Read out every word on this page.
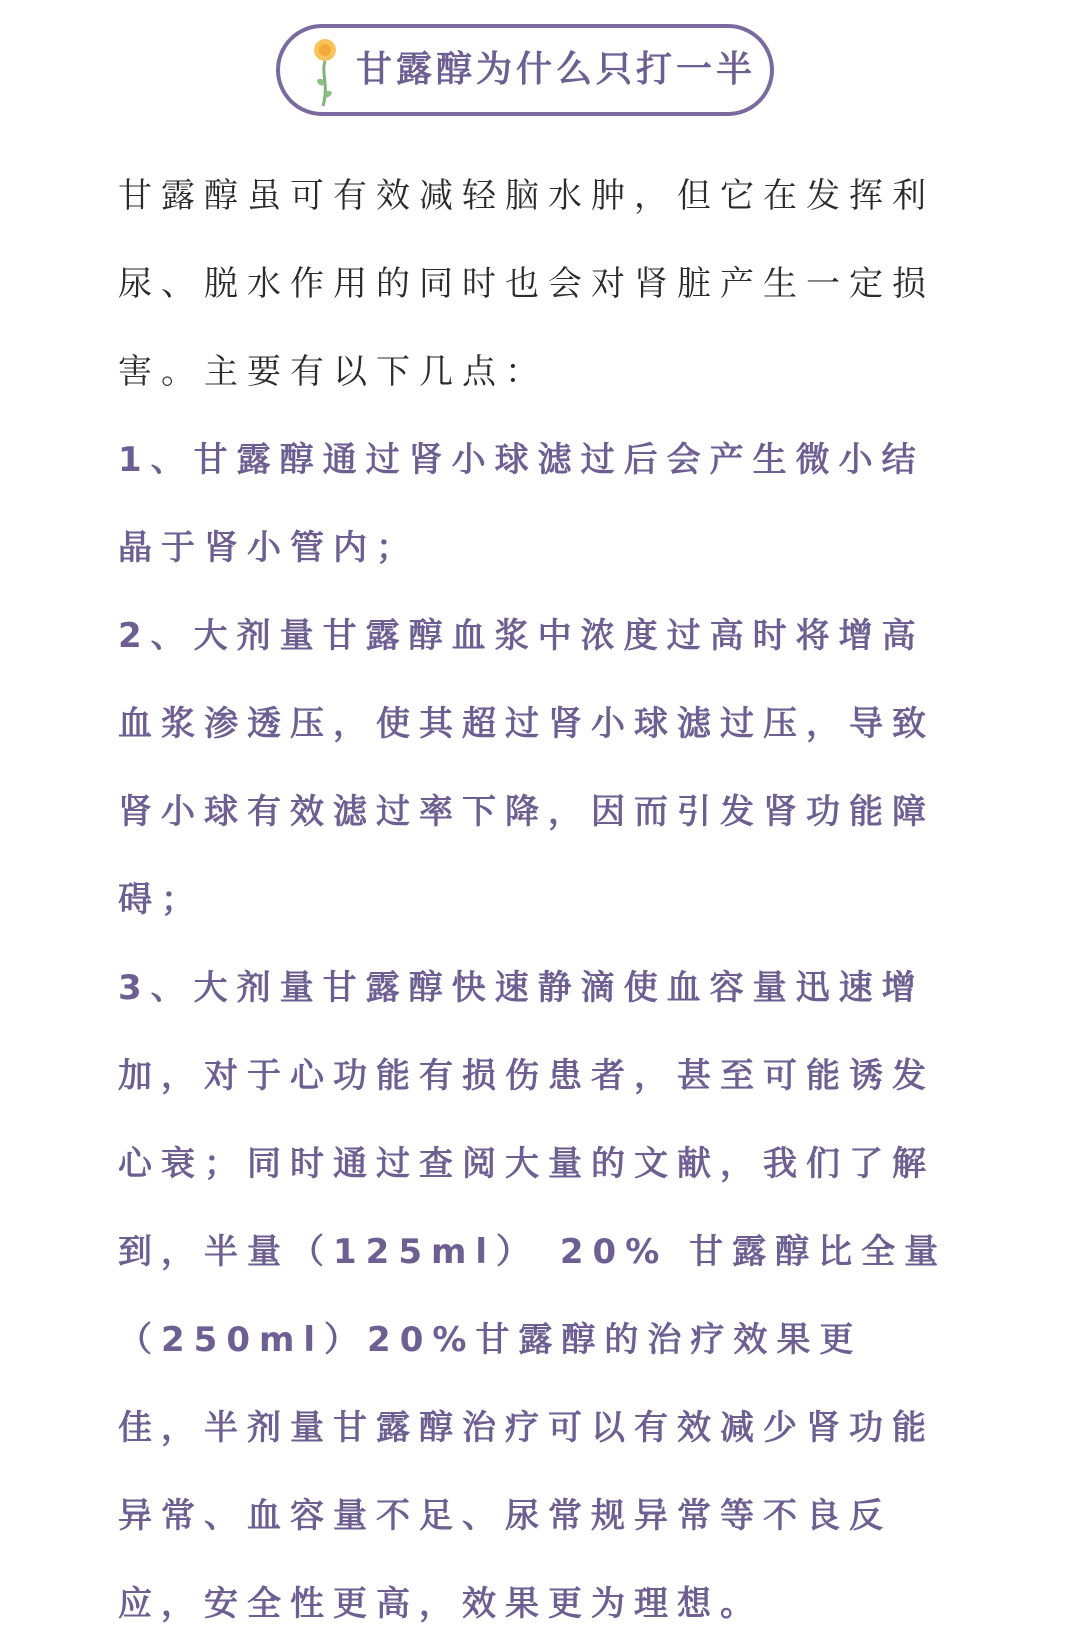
甘露醇为什么只打一半

甘露醇虽可有效减轻脑水肿，但它在发挥利尿、脱水作用的同时也会对肾脏产生一定损害。主要有以下几点：

1、甘露醇通过肾小球滤过后会产生微小结晶于肾小管内；

2、大剂量甘露醇血浆中浓度过高时将增高血浆渗透压，使其超过肾小球滤过压，导致肾小球有效滤过率下降，因而引发肾功能障碍；

3、大剂量甘露醇快速静滴使血容量迅速增加，对于心功能有损伤患者，甚至可能诱发心衰；同时通过查阅大量的文献，我们了解到，半量（125ml） 20% 甘露醇比全量（250ml）20%甘露醇的治疗效果更佳，半剂量甘露醇治疗可以有效减少肾功能异常、血容量不足、尿常规异常等不良反应，安全性更高，效果更为理想。
